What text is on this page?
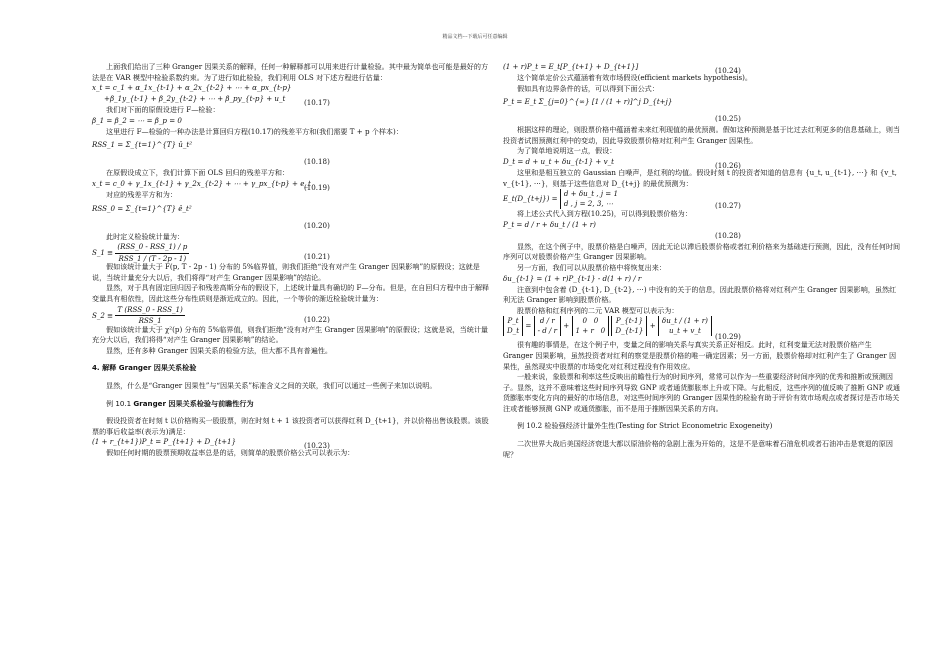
精品文档---下载后可任意编辑

上面我们给出了三种 Granger 因果关系的解释，任何一种解释都可以用来进行计量检验。其中最为简单也可能是最好的方法是在 VAR 模型中检验系数约束。为了进行如此检验，我们利用 OLS 对下述方程进行估量：

x_t = c_1 + α_1x_{t-1} + α_2x_{t-2} + ⋯ + α_px_{t-p}
+β_1y_{t-1} + β_2y_{t-2} + ⋯ + β_py_{t-p} + u_t	(10.17)

我们对下面的原假设进行 F—检验：

β_1 = β_2 = ⋯ = β_p = 0

这里进行 F—检验的一种办法是计算回归方程(10.17)的残差平方和(我们需要 T + p 个样本)：

RSS_1 = Σ_{t=1}^{T} û_t²
(10.18)

在原假设成立下，我们计算下面 OLS 回归的残差平方和：

x_t = c_0 + γ_1x_{t-1} + γ_2x_{t-2} + ⋯ + γ_px_{t-p} + e_t
(10.19)

对应的残差平方和为：

RSS_0 = Σ_{t=1}^{T} ê_t²
(10.20)

此时定义检验统计量为：

S_1 ≡ $\frac{\text{(RSS\_0 - RSS\_1) / p}}{\text{RSS\_1 / (T - 2p - 1)}}$	(10.21)

假如该统计量大于 F(p, T - 2p - 1) 分布的 5%临界值，则我们拒绝“没有对产生 Granger 因果影响”的原假设；这就是说，当统计量充分大以后，我们将得“对产生 Granger 因果影响”的结论。

显然，对于具有固定回归因子和残差高斯分布的假设下，上述统计量具有确切的 F—分布。但是，在自回归方程中由于解释变量具有相依性，因此这些分布性质则是渐近成立的。因此，一个等价的渐近检验统计量为：

S_2 ≡ $\frac{\text{T (RSS\_0 - RSS\_1)}}{\text{RSS\_1}}$	(10.22)

假如该统计量大于 χ²(p) 分布的 5%临界值，则我们拒绝“没有对产生 Granger 因果影响”的原假设；这就是说，当统计量充分大以后，我们将得“对产生 Granger 因果影响”的结论。

显然，还有多种 Granger 因果关系的检验方法，但大都不具有普遍性。

4. 解释 Granger 因果关系检验

显然，什么是“Granger 因果性”与“因果关系”标准含义之间的关联，我们可以通过一些例子来加以说明。

例 10.1 Granger 因果关系检验与前瞻性行为

假设投资者在时刻 t 以价格购买一股股票，则在时刻 t + 1 该投资者可以获得红利 D_{t+1}，并以价格出售该股票。该股票的事后收益率(表示为)满足：

(1 + r_{t+1})P_t = P_{t+1} + D_{t+1}	(10.23)

假如任何时期的股票预期收益率总是的话，则简单的股票价格公式可以表示为：

(1 + r)P_t = E_t[P_{t+1} + D_{t+1}]	(10.24)

这个简单定价公式蕴涵着有效市场假设(efficient markets hypothesis)。

假如具有边界条件的话，可以得到下面公式：

P_t = E_t Σ_{j=0}^{∞} [1 / (1 + r)]^j D_{t+j}
(10.25)

根据这样的理论，则股票价格中蕴涵着未来红利现值的最优预测。假如这种预测是基于比过去红利更多的信息基础上，则当投资者试图预测红利中的变动，因此导致股票价格对红利产生 Granger 因果性。

为了简单地说明这一点，假设：

D_t = d + u_t + δu_{t-1} + v_t	(10.26)

这里和是相互独立的 Gaussian 白噪声，是红利的均值。假设时刻 t 的投资者知道的信息有 {u_t, u_{t-1}, ⋯} 和 {v_t, v_{t-1}, ⋯}，则基于这些信息对 D_{t+j} 的最优预测为：

E_t(D_{t+j}) =
d + δu_t , j = 1
d , j = 2, 3, ⋯	(10.27)

将上述公式代入到方程(10.25)，可以得到股票价格为：

P_t = d / r + δu_t / (1 + r)
(10.28)

显然，在这个例子中，股票价格是白噪声，因此无论以滞后股票价格或者红利价格来为基础进行预测，因此，没有任何时间序列可以对股票价格产生 Granger 因果影响。

另一方面，我们可以从股票价格中将恢复出来：

δu_{t-1} = (1 + r)P_{t-1} - d(1 + r) / r

注意到中包含着 (D_{t-1}, D_{t-2}, ⋯) 中没有的关于的信息，因此股票价格将对红利产生 Granger 因果影响，虽然红利无法 Granger 影响到股票价格。

股票价格和红利序列的二元 VAR 模型可以表示为：

P_t
D_t
=
d / r
- d / r
+
0 0
1 + r 0

P_{t-1}
D_{t-1}
+
δu_t / (1 + r)
u_t + v_t
(10.29)

很有趣的事情是，在这个例子中，变量之间的影响关系与真实关系正好相反。此时，红利变量无法对股票价格产生 Granger 因果影响，虽然投资者对红利的察觉是股票价格的唯一确定因素；另一方面，股票价格却对红利产生了 Granger 因果性，虽然现实中股票的市场变化对红利过程没有作用效应。

一般来说，象股票和利率这些反映出前瞻性行为的时间序列，常常可以作为一些重要经济时间序列的优秀和推断或预测因子。显然，这并不意味着这些时间序列导致 GNP 或者通货膨胀率上升或下降。与此相反，这些序列的值反映了推断 GNP 或通货膨胀率变化方向的最好的市场信息，对这些时间序列的 Granger 因果性的检验有助于评价有效市场观点或者探讨是否市场关注或者能够预测 GNP 或通货膨胀，而不是用于推断因果关系的方向。

例 10.2 检验强经济计量外生性(Testing for Strict Econometric Exogeneity)

二次世界大战后美国经济衰退大都以原油价格的急剧上涨为开始的，这是不是意味着石油危机或者石油冲击是衰退的原因呢？
